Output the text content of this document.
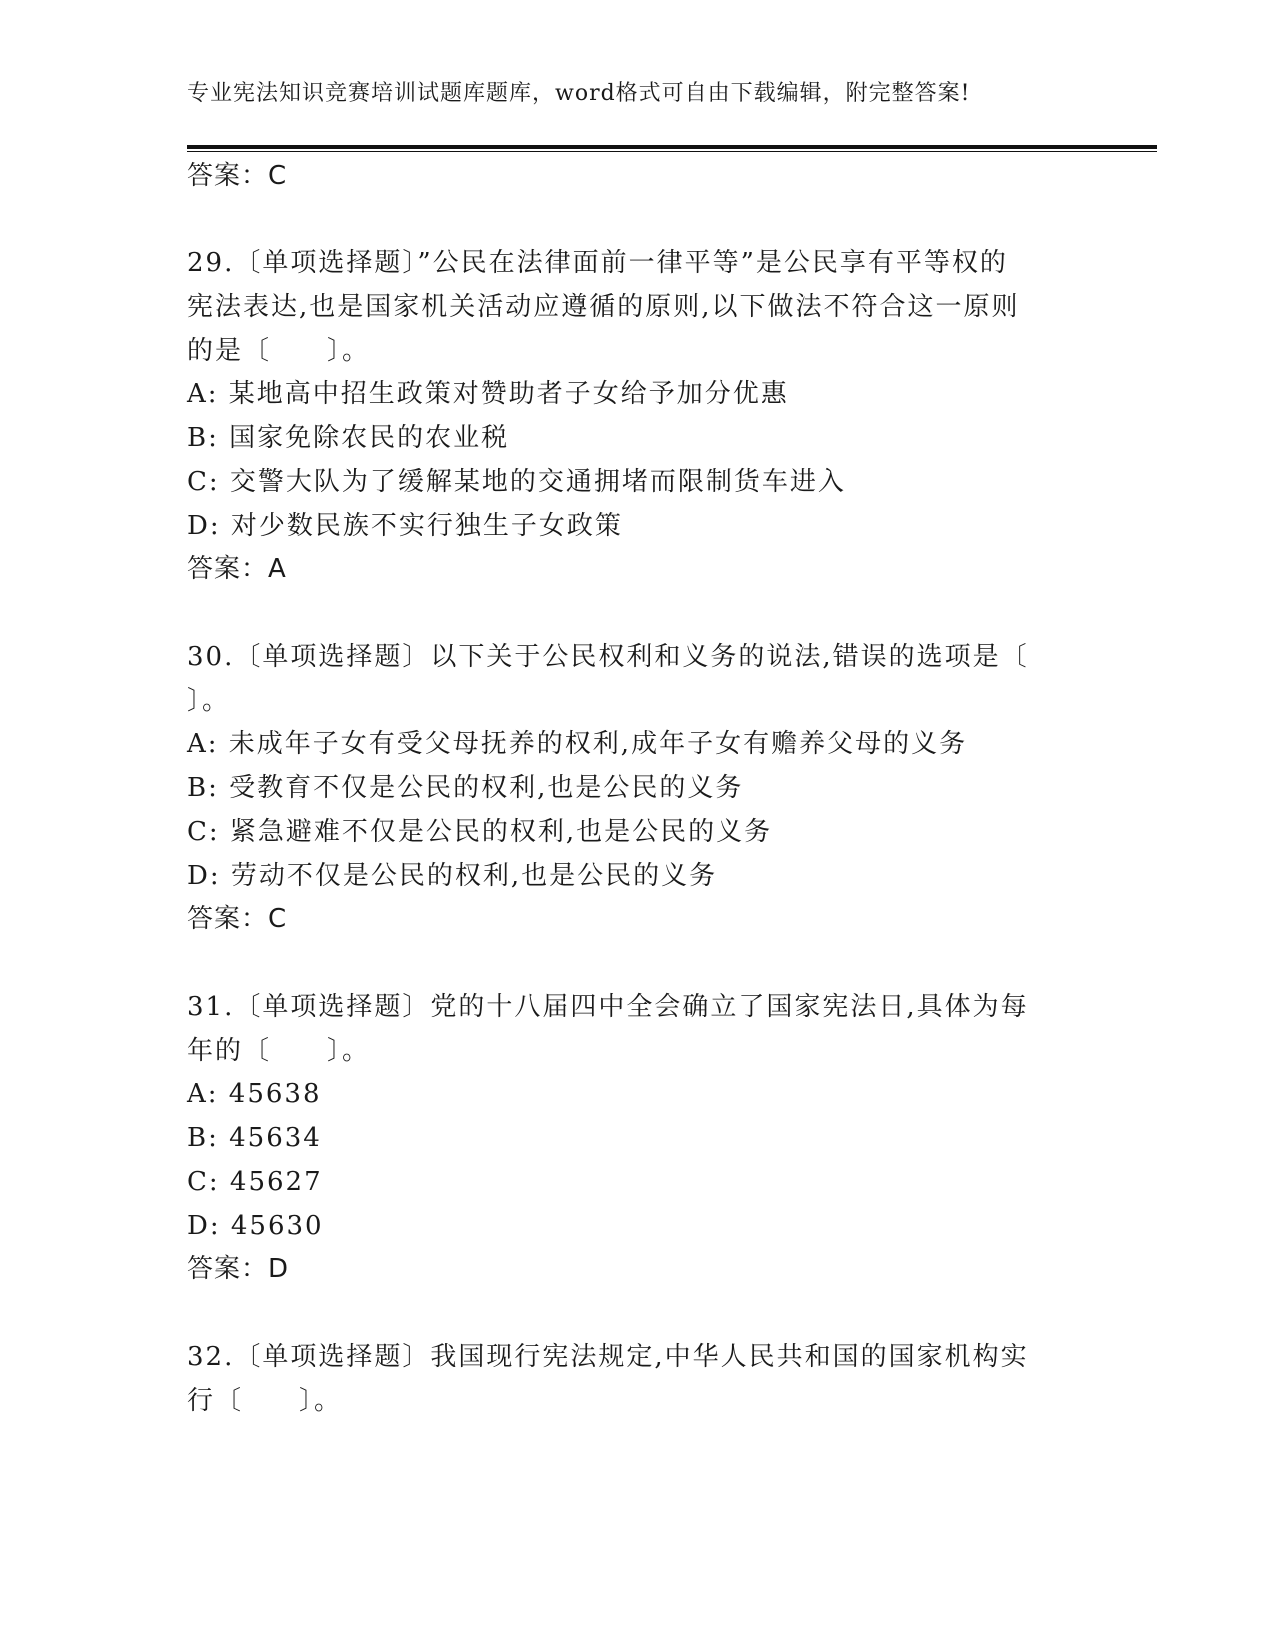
专业宪法知识竞赛培训试题库题库，word格式可自由下载编辑，附完整答案!
答案：C
29.〔单项选择题〕”公民在法律面前一律平等”是公民享有平等权的
宪法表达,也是国家机关活动应遵循的原则,以下做法不符合这一原则
的是〔　　〕。
A: 某地高中招生政策对赞助者子女给予加分优惠
B: 国家免除农民的农业税
C: 交警大队为了缓解某地的交通拥堵而限制货车进入
D: 对少数民族不实行独生子女政策
答案：A
30.〔单项选择题〕以下关于公民权利和义务的说法,错误的选项是〔
〕。
A: 未成年子女有受父母抚养的权利,成年子女有赡养父母的义务
B: 受教育不仅是公民的权利,也是公民的义务
C: 紧急避难不仅是公民的权利,也是公民的义务
D: 劳动不仅是公民的权利,也是公民的义务
答案：C
31.〔单项选择题〕党的十八届四中全会确立了国家宪法日,具体为每
年的〔　　〕。
A: 45638
B: 45634
C: 45627
D: 45630
答案：D
32.〔单项选择题〕我国现行宪法规定,中华人民共和国的国家机构实
行〔　　〕。
